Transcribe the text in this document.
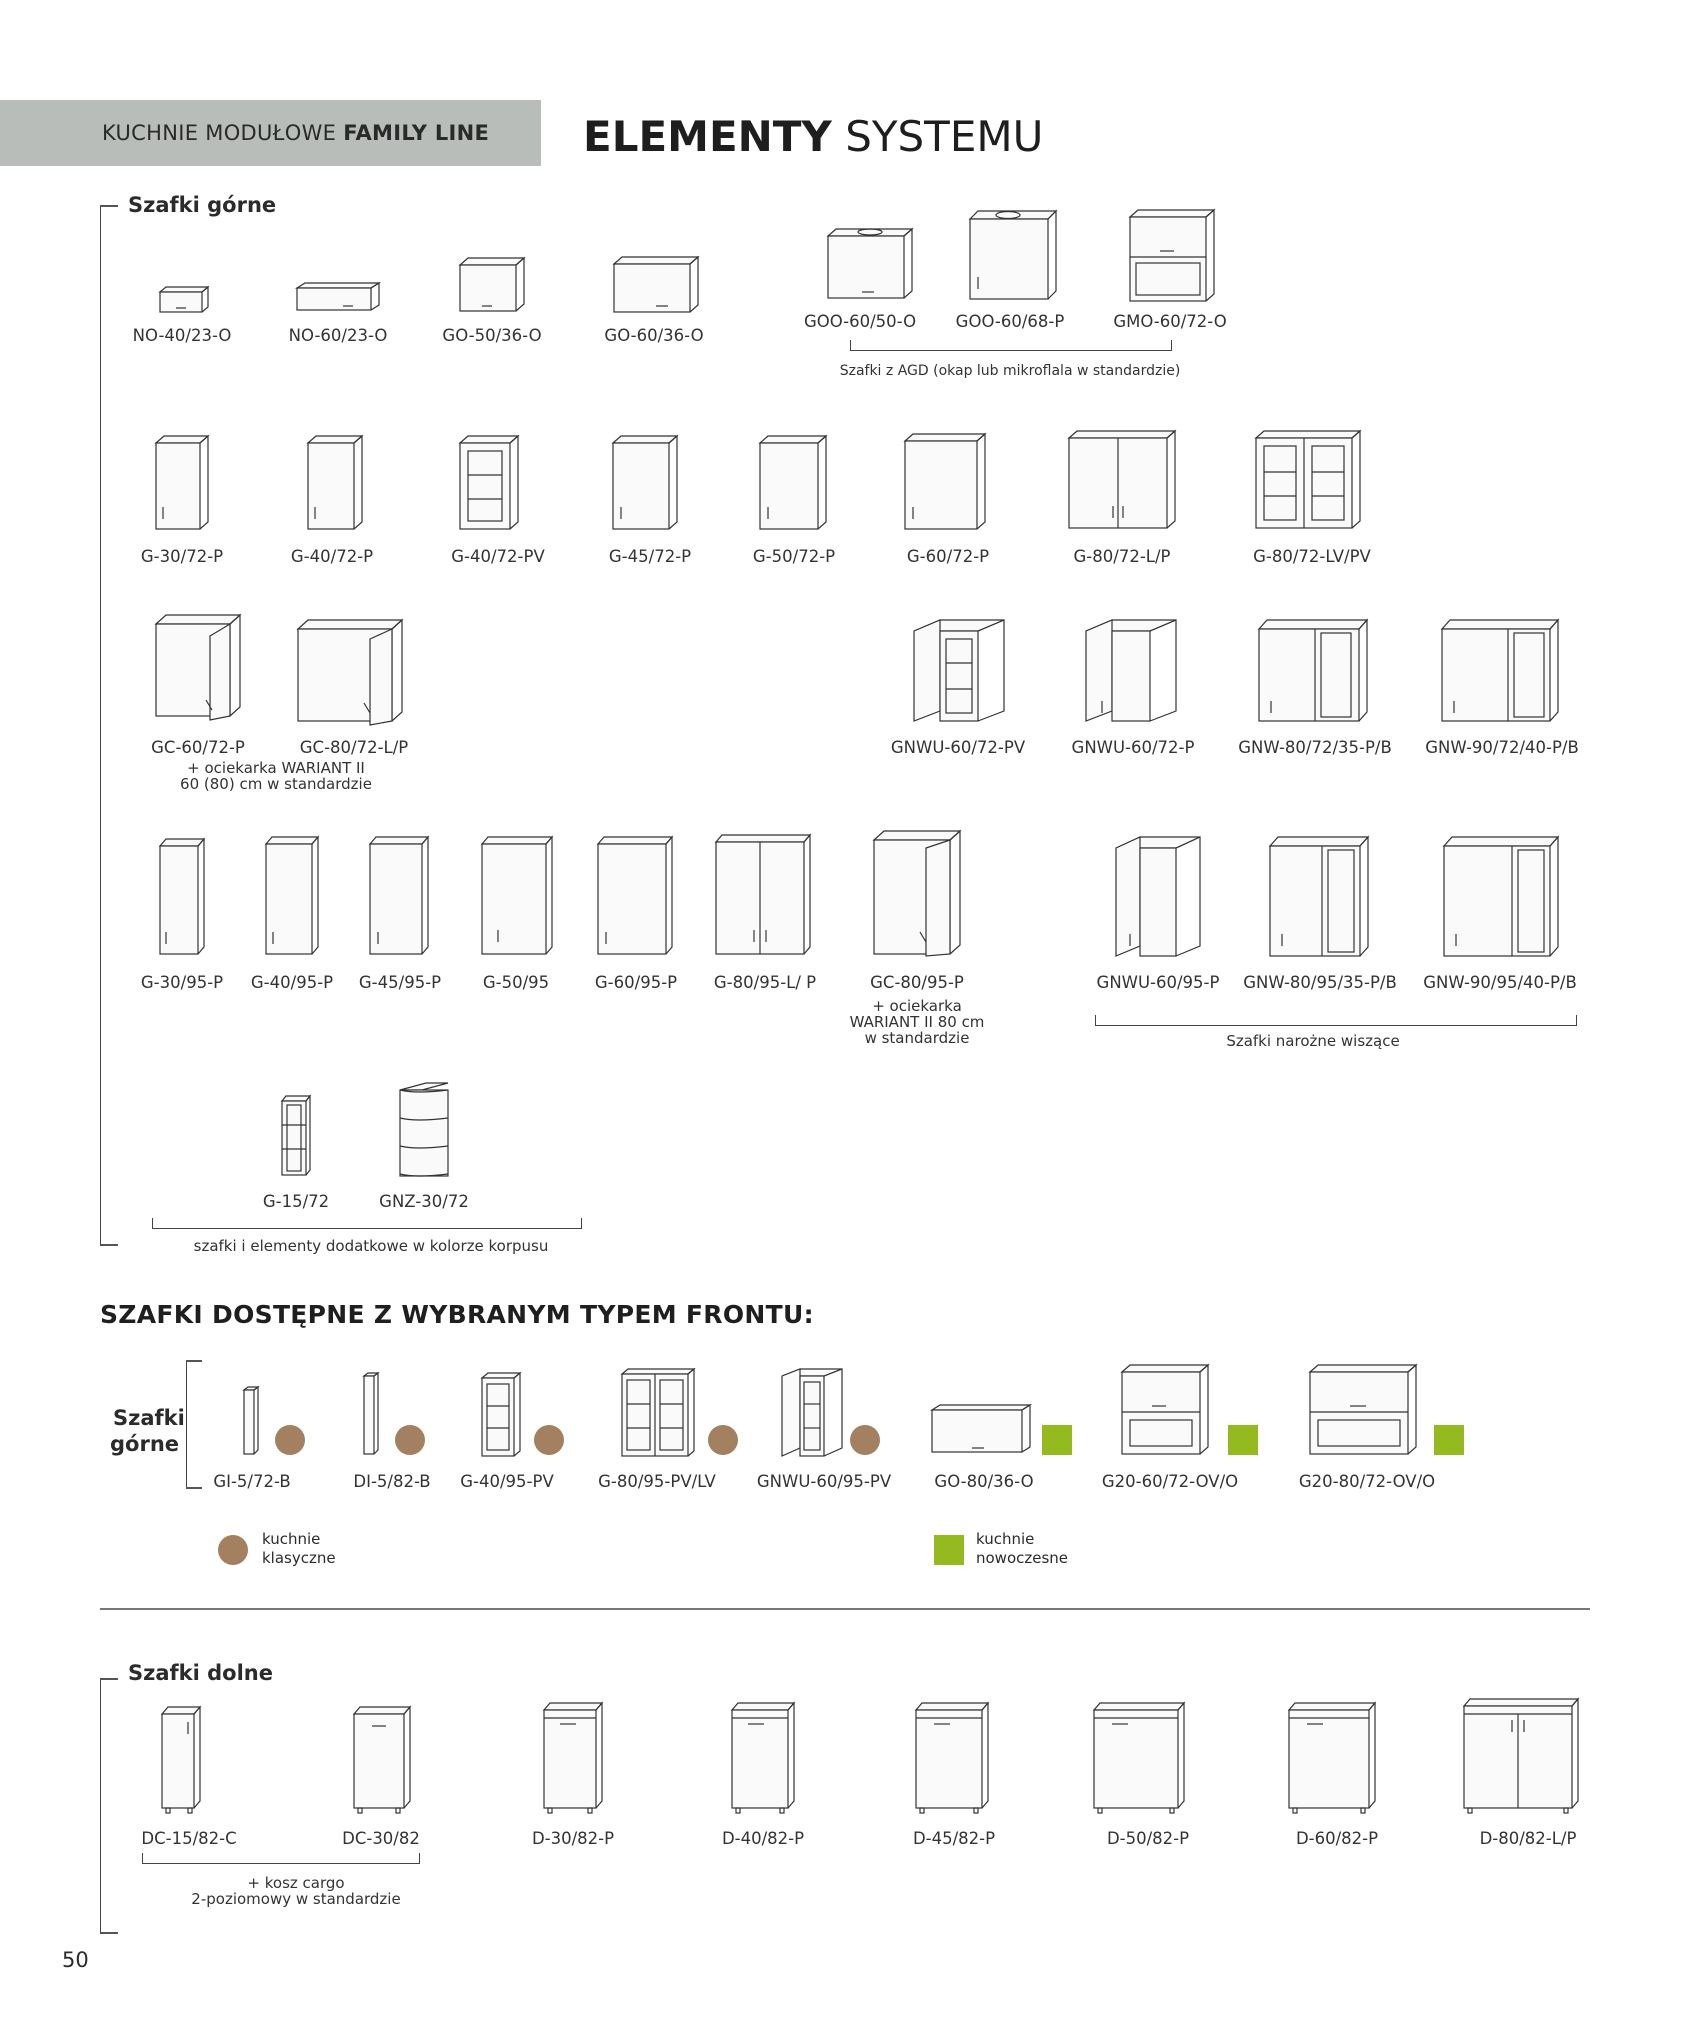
KUCHNIE MODUŁOWE FAMILY LINE ELEMENTY SYSTEMU
Szafki górne
NO-40/23-O	NO-60/23-O	GO-50/36-O	GO-60/36-O
GOO-60/50-O GOO-60/68-P	GMO-60/72-O
Szafki z AGD (okap lub mikroflala w standardzie)
G-30/72-P	G-40/72-P	G-40/72-PV	G-45/72-P	G-50/72-P	G-60/72-P	G-80/72-L/P	G-80/72-LV/PV
GC-60/72-P	GC-80/72-L/P
+ ociekarka WARIANT II
60 (80) cm w standardzie
GNWU-60/72-PV	GNWU-60/72-P	GNW-80/72/35-P/B GNW-90/72/40-P/B
G-30/95-P G-40/95-P G-45/95-P	G-50/95	G-60/95-P G-80/95-L/ P	GC-80/95-P
+ ociekarka
WARIANT II 80 cm
w standardzie
GNWU-60/95-P GNW-80/95/35-P/B GNW-90/95/40-P/B
Szafki narożne wiszące
G-15/72	GNZ-30/72
szafki i elementy dodatkowe w kolorze korpusu
SZAFKI DOSTĘPNE Z WYBRANYM TYPEM FRONTU:
Szafki
górne
GI-5/72-B	DI-5/82-B G-40/95-PV	G-80/95-PV/LV GNWU-60/95-PV	GO-80/36-O	G20-60/72-OV/O	G20-80/72-OV/O
kuchnie
klasyczne
kuchnie
nowoczesne
Szafki dolne
DC-15/82-C	DC-30/82	D-30/82-P	D-40/82-P	D-45/82-P	D-50/82-P	D-60/82-P	D-80/82-L/P
+ kosz cargo
2-poziomowy w standardzie
50
